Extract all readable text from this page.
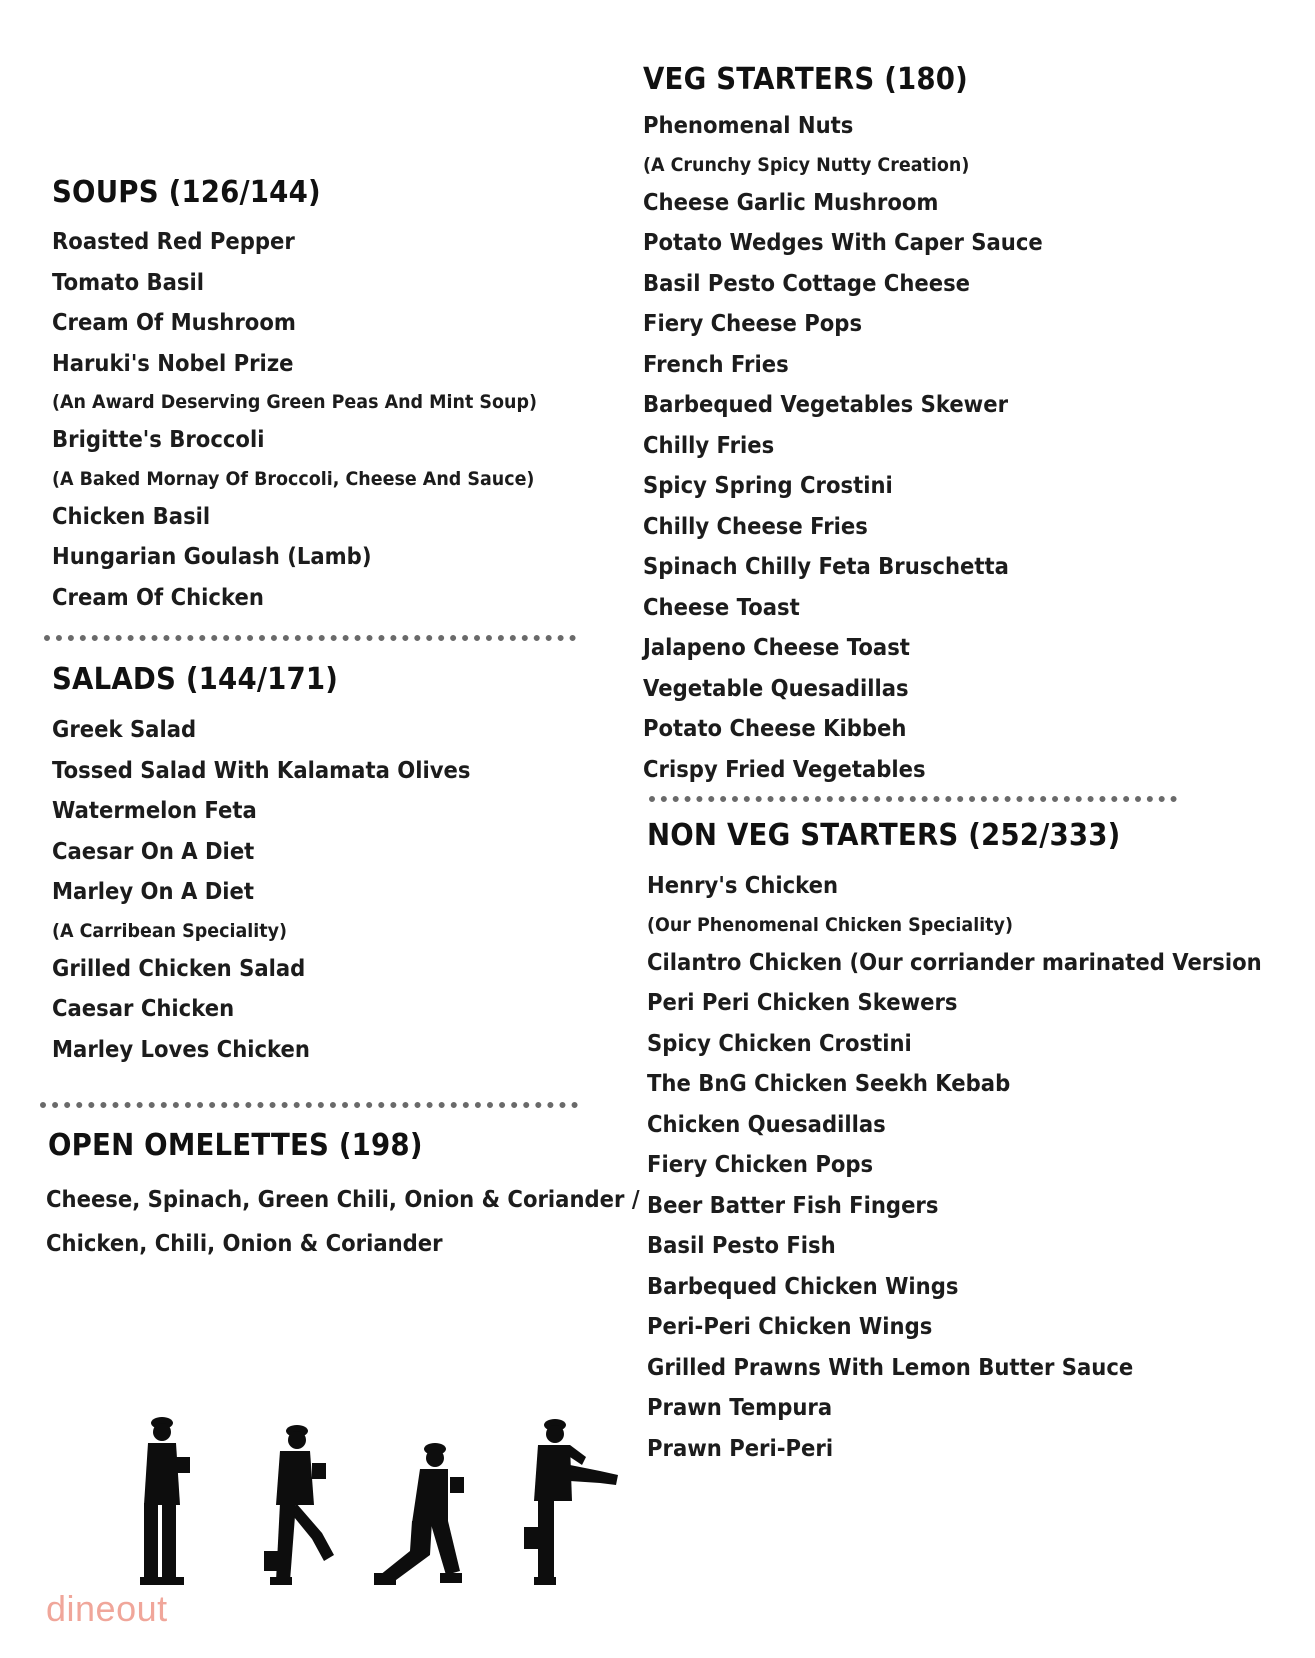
SOUPS (126/144)
Roasted Red Pepper
Tomato Basil
Cream Of Mushroom
Haruki's Nobel Prize
(An Award Deserving Green Peas And Mint Soup)
Brigitte's Broccoli
(A Baked Mornay Of Broccoli, Cheese And Sauce)
Chicken Basil
Hungarian Goulash (Lamb)
Cream Of Chicken
SALADS (144/171)
Greek Salad
Tossed Salad With Kalamata Olives
Watermelon Feta
Caesar On A Diet
Marley On A Diet
(A Carribean Speciality)
Grilled Chicken Salad
Caesar Chicken
Marley Loves Chicken
OPEN OMELETTES (198)
Cheese, Spinach, Green Chili, Onion & Coriander /
Chicken, Chili, Onion & Coriander
VEG STARTERS (180)
Phenomenal Nuts
(A Crunchy Spicy Nutty Creation)
Cheese Garlic Mushroom
Potato Wedges With Caper Sauce
Basil Pesto Cottage Cheese
Fiery Cheese Pops
French Fries
Barbequed Vegetables Skewer
Chilly Fries
Spicy Spring Crostini
Chilly Cheese Fries
Spinach Chilly Feta Bruschetta
Cheese Toast
Jalapeno Cheese Toast
Vegetable Quesadillas
Potato Cheese Kibbeh
Crispy Fried Vegetables
NON VEG STARTERS (252/333)
Henry's Chicken
(Our Phenomenal Chicken Speciality)
Cilantro Chicken (Our corriander marinated Version
Peri Peri Chicken Skewers
Spicy Chicken Crostini
The BnG Chicken Seekh Kebab
Chicken Quesadillas
Fiery Chicken Pops
Beer Batter Fish Fingers
Basil Pesto Fish
Barbequed Chicken Wings
Peri-Peri Chicken Wings
Grilled Prawns With Lemon Butter Sauce
Prawn Tempura
Prawn Peri-Peri
dineout
